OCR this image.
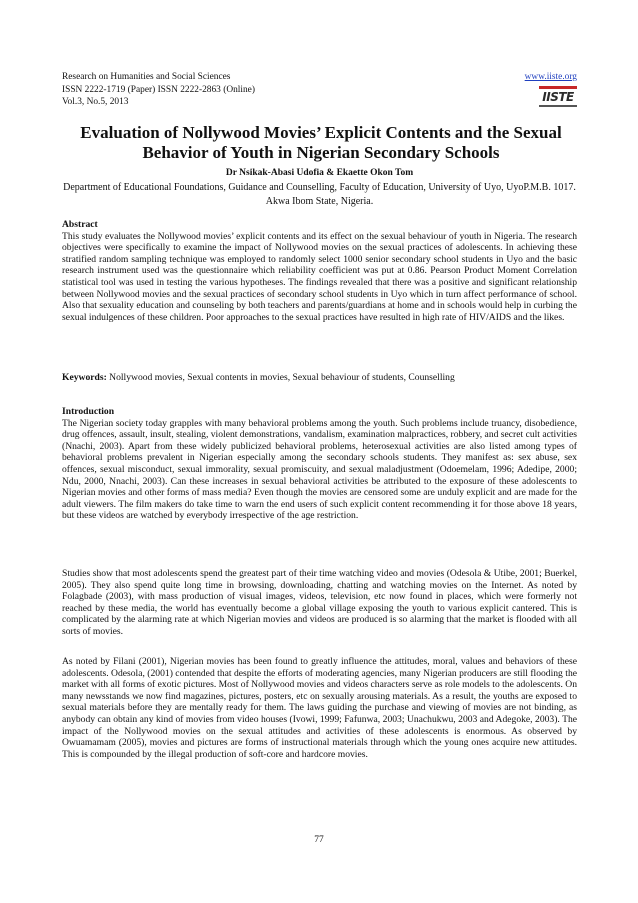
Research on Humanities and Social Sciences
ISSN 2222-1719 (Paper) ISSN 2222-2863 (Online)
Vol.3, No.5, 2013
www.iiste.org
IISTE
Evaluation of Nollywood Movies’ Explicit Contents and the Sexual Behavior of Youth in Nigerian Secondary Schools
Dr Nsikak-Abasi Udofia & Ekaette Okon Tom
Department of Educational Foundations, Guidance and Counselling, Faculty of Education, University of Uyo, UyoP.M.B. 1017. Akwa Ibom State, Nigeria.
Abstract
This study evaluates the Nollywood movies’ explicit contents and its effect on the sexual behaviour of youth in Nigeria. The research objectives were specifically to examine the impact of Nollywood movies on the sexual practices of adolescents. In achieving these stratified random sampling technique was employed to randomly select 1000 senior secondary school students in Uyo and the basic research instrument used was the questionnaire which reliability coefficient was put at 0.86. Pearson Product Moment Correlation statistical tool was used in testing the various hypotheses. The findings revealed that there was a positive and significant relationship between Nollywood movies and the sexual practices of secondary school students in Uyo which in turn affect performance of school. Also that sexuality education and counseling by both teachers and parents/guardians at home and in schools would help in curbing the sexual indulgences of these children. Poor approaches to the sexual practices have resulted in high rate of HIV/AIDS and the likes.
Keywords: Nollywood movies, Sexual contents in movies, Sexual behaviour of students, Counselling
Introduction
The Nigerian society today grapples with many behavioral problems among the youth. Such problems include truancy, disobedience, drug offences, assault, insult, stealing, violent demonstrations, vandalism, examination malpractices, robbery, and secret cult activities (Nnachi, 2003). Apart from these widely publicized behavioral problems, heterosexual activities are also listed among types of behavioral problems prevalent in Nigerian especially among the secondary schools students. They manifest as: sex abuse, sex offences, sexual misconduct, sexual immorality, sexual promiscuity, and sexual maladjustment (Odoemelam, 1996; Adedipe, 2000; Ndu, 2000, Nnachi, 2003). Can these increases in sexual behavioral activities be attributed to the exposure of these adolescents to Nigerian movies and other forms of mass media? Even though the movies are censored some are unduly explicit and are made for the adult viewers. The film makers do take time to warn the end users of such explicit content recommending it for those above 18 years, but these videos are watched by everybody irrespective of the age restriction.
Studies show that most adolescents spend the greatest part of their time watching video and movies (Odesola & Utibe, 2001; Buerkel, 2005). They also spend quite long time in browsing, downloading, chatting and watching movies on the Internet. As noted by Folagbade (2003), with mass production of visual images, videos, television, etc now found in places, which were formerly not reached by these media, the world has eventually become a global village exposing the youth to various explicit cantered. This is complicated by the alarming rate at which Nigerian movies and videos are produced is so alarming that the market is flooded with all sorts of movies.
As noted by Filani (2001), Nigerian movies has been found to greatly influence the attitudes, moral, values and behaviors of these adolescents. Odesola, (2001) contended that despite the efforts of moderating agencies, many Nigerian producers are still flooding the market with all forms of exotic pictures. Most of Nollywood movies and videos characters serve as role models to the adolescents. On many newsstands we now find magazines, pictures, posters, etc on sexually arousing materials. As a result, the youths are exposed to sexual materials before they are mentally ready for them. The laws guiding the purchase and viewing of movies are not binding, as anybody can obtain any kind of movies from video houses (Ivowi, 1999; Fafunwa, 2003; Unachukwu, 2003 and Adegoke, 2003). The impact of the Nollywood movies on the sexual attitudes and activities of these adolescents is enormous. As observed by Owuamamam (2005), movies and pictures are forms of instructional materials through which the young ones acquire new attitudes. This is compounded by the illegal production of soft-core and hardcore movies.
77
